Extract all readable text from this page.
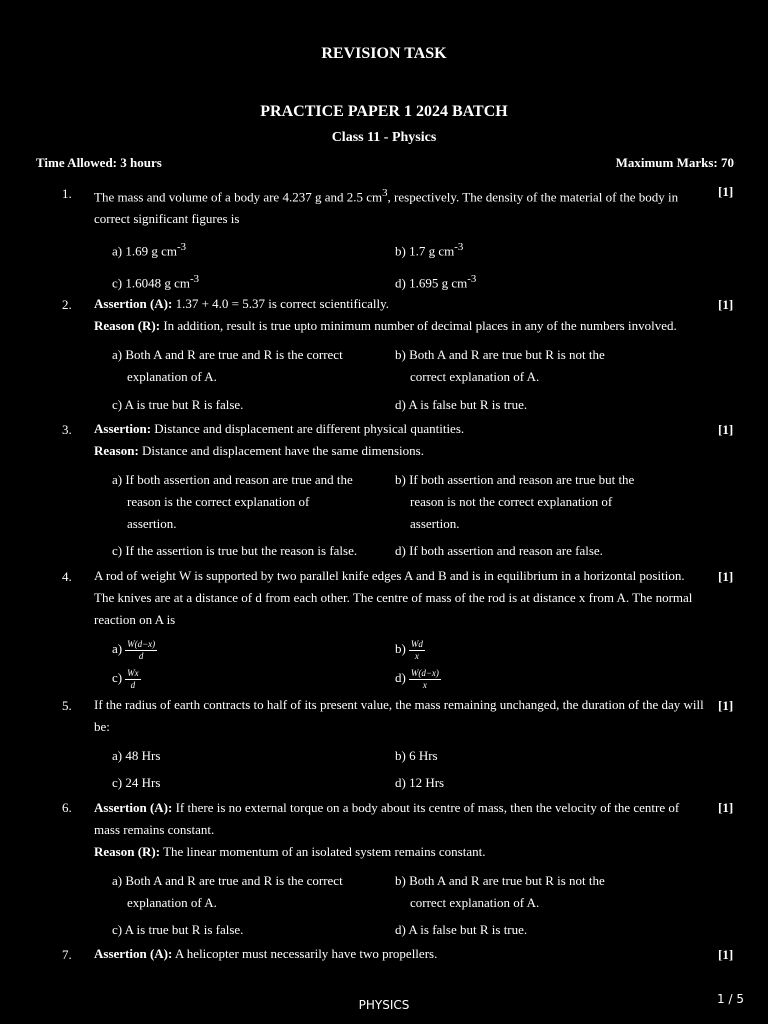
REVISION TASK
PRACTICE PAPER 1 2024 BATCH
Class 11 - Physics
Time Allowed: 3 hours	Maximum Marks: 70
1. The mass and volume of a body are 4.237 g and 2.5 $cm^3$, respectively. The density of the material of the body in correct significant figures is
[1]
a) 1.69 g $cm^{-3}$	b) 1.7 g $cm^{-3}$
c) 1.6048 g $cm^{-3}$	d) 1.695 g $cm^{-3}$
2. Assertion (A): 1.37 + 4.0 = 5.37 is correct scientifically.	[1]
Reason (R): In addition, result is true upto minimum number of decimal places in any of the numbers involved.
a) Both A and R are true and R is the correct
explanation of A.
b) Both A and R are true but R is not the
correct explanation of A.
c) A is true but R is false.	d) A is false but R is true.
3. Assertion: Distance and displacement are different physical quantities.	[1]
Reason: Distance and displacement have the same dimensions.
a) If both assertion and reason are true and the
reason is the correct explanation of
assertion.
b) If both assertion and reason are true but the
reason is not the correct explanation of
assertion.
c) If the assertion is true but the reason is false.	d) If both assertion and reason are false.
4. A rod of weight W is supported by two parallel knife edges A and B and is in equilibrium in a horizontal position. The knives are at a distance of d from each other. The centre of mass of the rod is at distance x from A. The normal reaction on A is
[1]
$a) \frac{W(d-x)}{d}$	$b) \frac{Wd}{x}$
$c) \frac{Wx}{d}$	$d) \frac{W(d-x)}{x}$
5. If the radius of earth contracts to half of its present value, the mass remaining unchanged, the duration of the day will be:
[1]
a) 48 Hrs	b) 6 Hrs
c) 24 Hrs	d) 12 Hrs
6. Assertion (A): If there is no external torque on a body about its centre of mass, then the velocity of the centre of mass remains constant.
[1]
Reason (R): The linear momentum of an isolated system remains constant.
a) Both A and R are true and R is the correct
explanation of A.
b) Both A and R are true but R is not the
correct explanation of A.
c) A is true but R is false.	d) A is false but R is true.
7. Assertion (A): A helicopter must necessarily have two propellers.	[1]
PHYSICS	1 / 5
